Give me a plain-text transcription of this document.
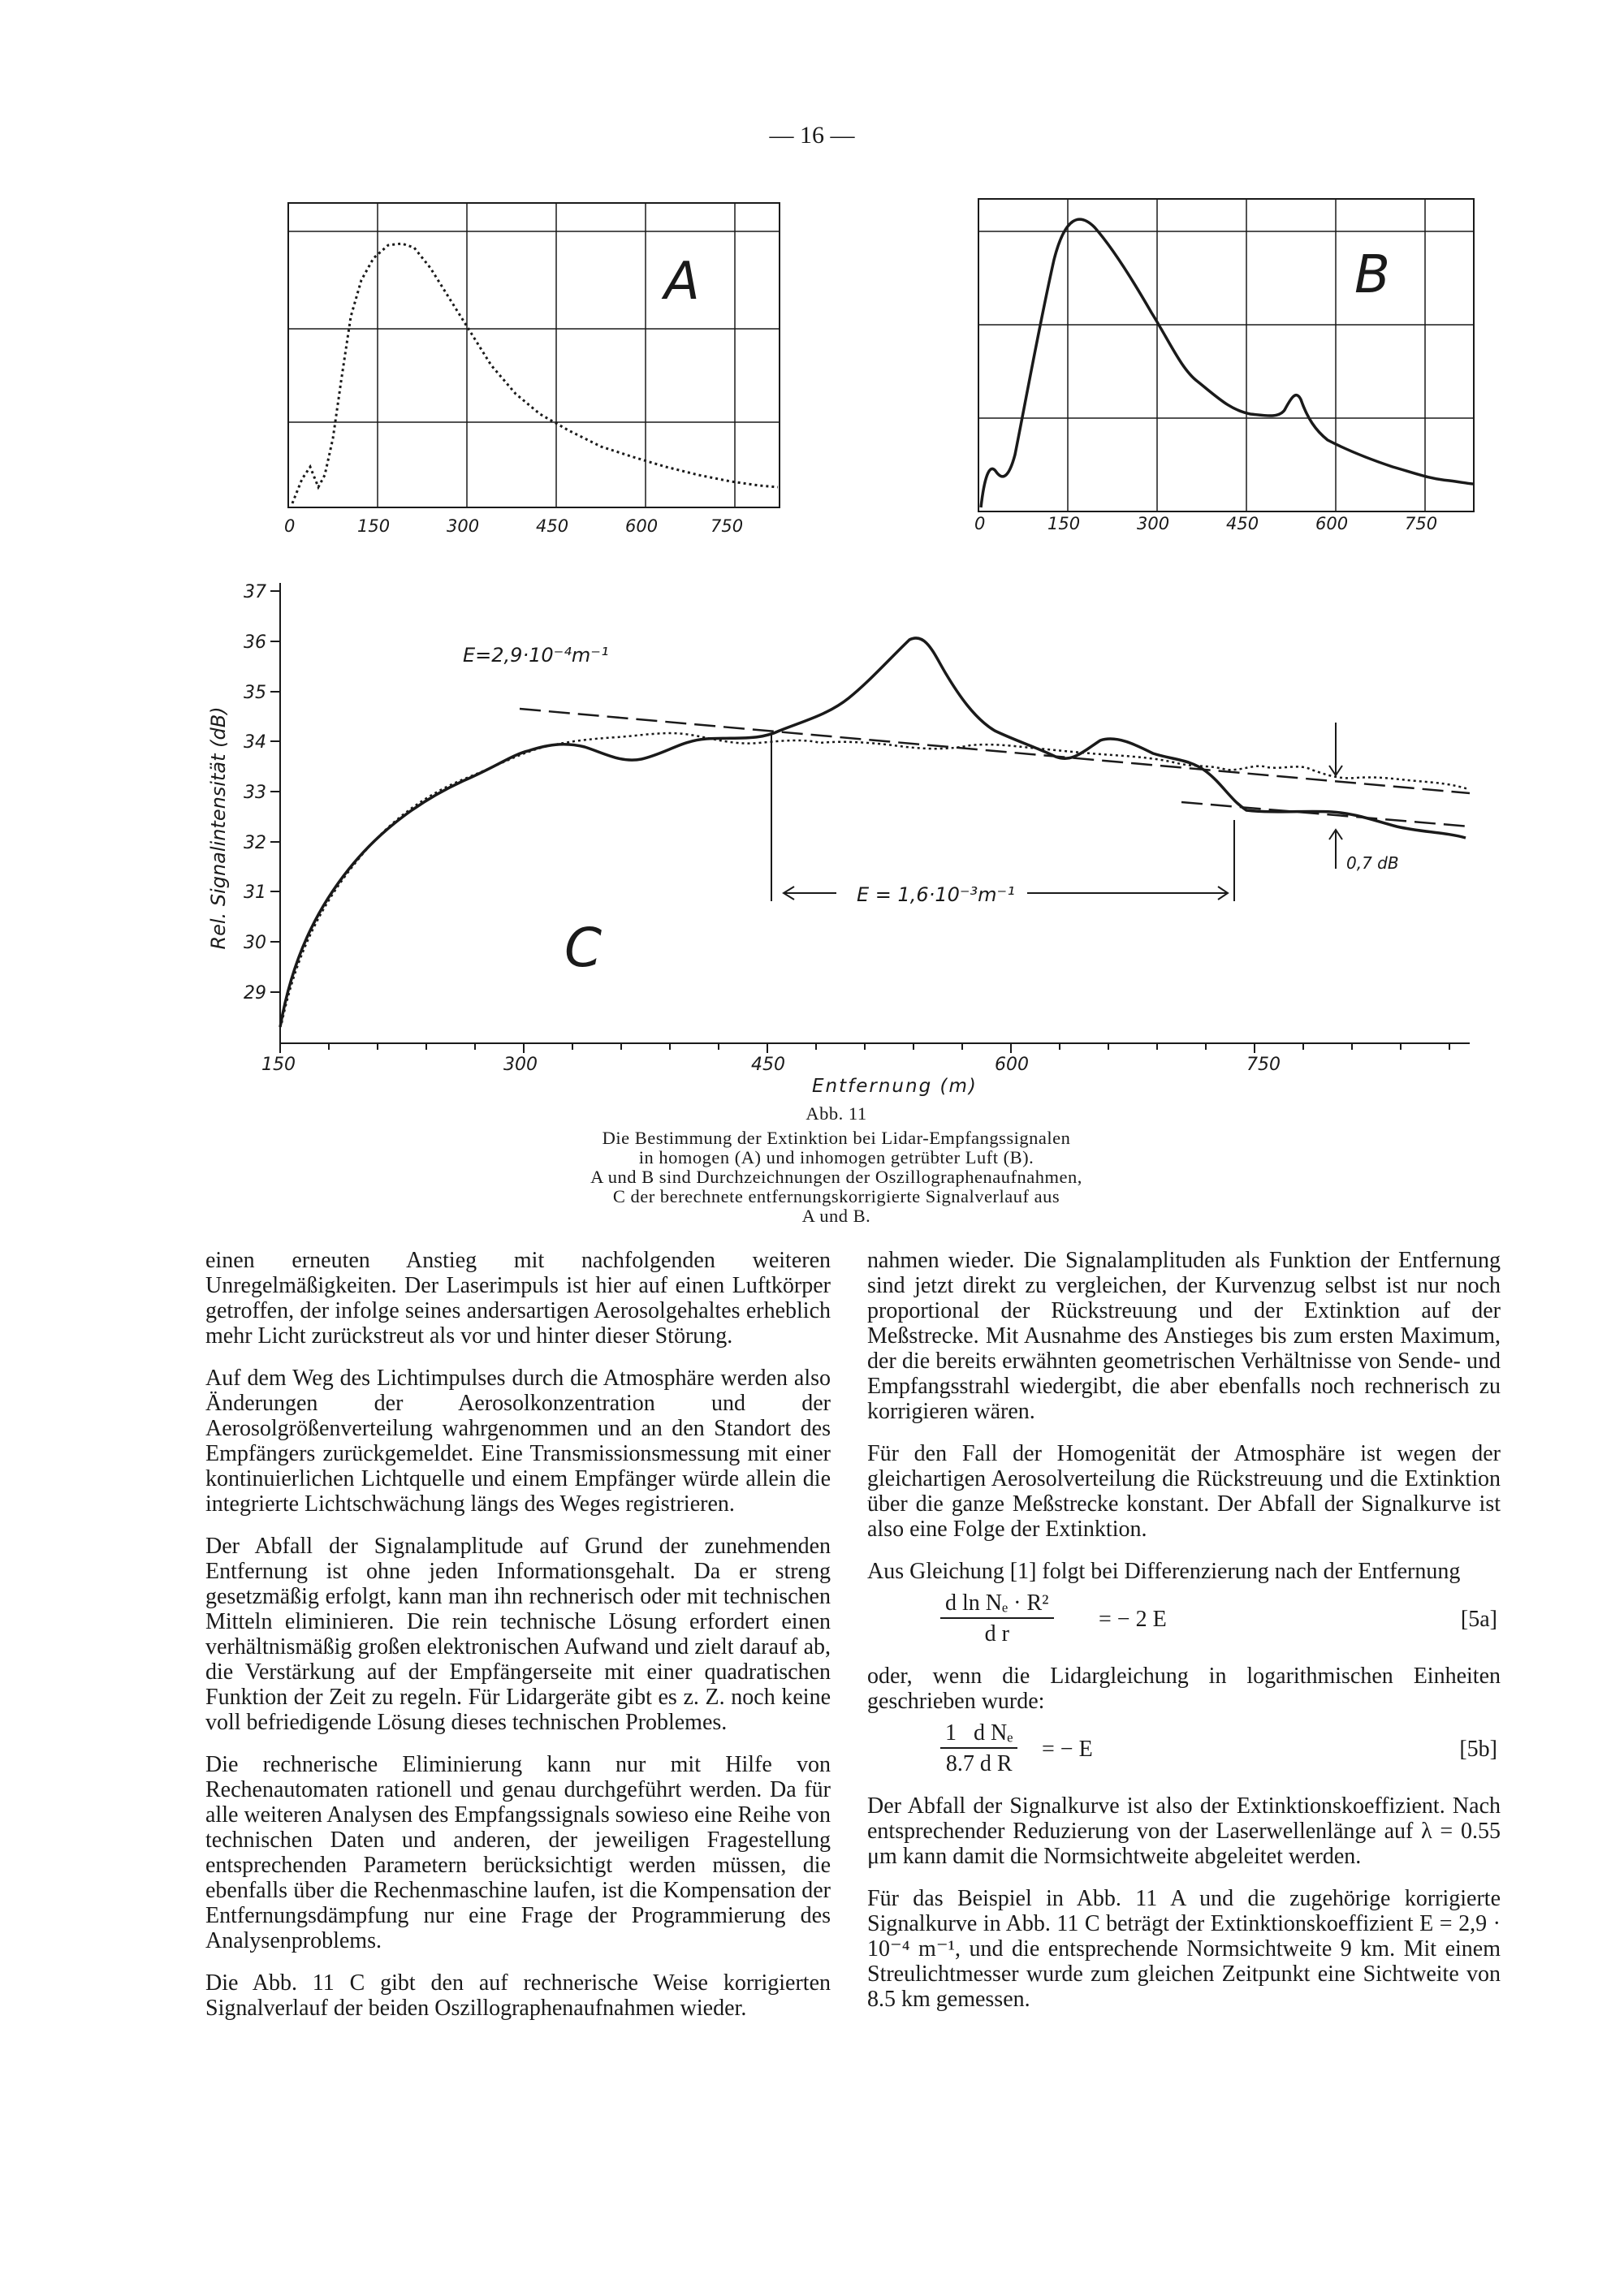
— 16 —
A
0	150	300	450	600	750
B
0	150	300	450	600	750
37
36
35
34
33
32
31
30
29
Rel. Signalintensität (dB)
150	300	450	600	750
Entfernung (m)
C
E=2,9·10⁻⁴m⁻¹
E = 1,6·10⁻³m⁻¹
0,7 dB
Abb. 11
Die Bestimmung der Extinktion bei Lidar-Empfangssignalen
in homogen (A) und inhomogen getrübter Luft (B).
A und B sind Durchzeichnungen der Oszillographenaufnahmen,
C der berechnete entfernungskorrigierte Signalverlauf aus
A und B.

einen erneuten Anstieg mit nachfolgenden weiteren Unregelmäßigkeiten. Der Laserimpuls ist hier auf einen Luftkörper getroffen, der infolge seines andersartigen Aerosolgehaltes erheblich mehr Licht zurückstreut als vor und hinter dieser Störung.

Auf dem Weg des Lichtimpulses durch die Atmosphäre werden also Änderungen der Aerosolkonzentration und der Aerosolgrößenverteilung wahrgenommen und an den Standort des Empfängers zurückgemeldet. Eine Transmissionsmessung mit einer kontinuierlichen Lichtquelle und einem Empfänger würde allein die integrierte Lichtschwächung längs des Weges registrieren.

Der Abfall der Signalamplitude auf Grund der zunehmenden Entfernung ist ohne jeden Informationsgehalt. Da er streng gesetzmäßig erfolgt, kann man ihn rechnerisch oder mit technischen Mitteln eliminieren. Die rein technische Lösung erfordert einen verhältnismäßig großen elektronischen Aufwand und zielt darauf ab, die Verstärkung auf der Empfängerseite mit einer quadratischen Funktion der Zeit zu regeln. Für Lidargeräte gibt es z. Z. noch keine voll befriedigende Lösung dieses technischen Problemes.

Die rechnerische Eliminierung kann nur mit Hilfe von Rechenautomaten rationell und genau durchgeführt werden. Da für alle weiteren Analysen des Empfangssignals sowieso eine Reihe von technischen Daten und anderen, der jeweiligen Fragestellung entsprechenden Parametern berücksichtigt werden müssen, die ebenfalls über die Rechenmaschine laufen, ist die Kompensation der Entfernungsdämpfung nur eine Frage der Programmierung des Analysenproblems.

Die Abb. 11 C gibt den auf rechnerische Weise korrigierten Signalverlauf der beiden Oszillographenaufnahmen wieder.

nahmen wieder. Die Signalamplituden als Funktion der Entfernung sind jetzt direkt zu vergleichen, der Kurvenzug selbst ist nur noch proportional der Rückstreuung und der Extinktion auf der Meßstrecke. Mit Ausnahme des Anstieges bis zum ersten Maximum, der die bereits erwähnten geometrischen Verhältnisse von Sende- und Empfangsstrahl wiedergibt, die aber ebenfalls noch rechnerisch zu korrigieren wären.

Für den Fall der Homogenität der Atmosphäre ist wegen der gleichartigen Aerosolverteilung die Rückstreuung und die Extinktion über die ganze Meßstrecke konstant. Der Abfall der Signalkurve ist also eine Folge der Extinktion.

Aus Gleichung [1] folgt bei Differenzierung nach der Entfernung

$\frac{\text{d ln Nₑ · R²}}{\text{d r}}$ = − 2 E	[5a]

oder, wenn die Lidargleichung in logarithmischen Einheiten geschrieben wurde:

$\frac{\text{1   d Nₑ}}{\text{8.7 d R}}$ = − E	[5b]

Der Abfall der Signalkurve ist also der Extinktionskoeffizient. Nach entsprechender Reduzierung von der Laserwellenlänge auf λ = 0.55 μm kann damit die Normsichtweite abgeleitet werden.

Für das Beispiel in Abb. 11 A und die zugehörige korrigierte Signalkurve in Abb. 11 C beträgt der Extinktionskoeffizient E = 2,9 · 10⁻⁴ m⁻¹, und die entsprechende Normsichtweite 9 km. Mit einem Streulichtmesser wurde zum gleichen Zeitpunkt eine Sichtweite von 8.5 km gemessen.
